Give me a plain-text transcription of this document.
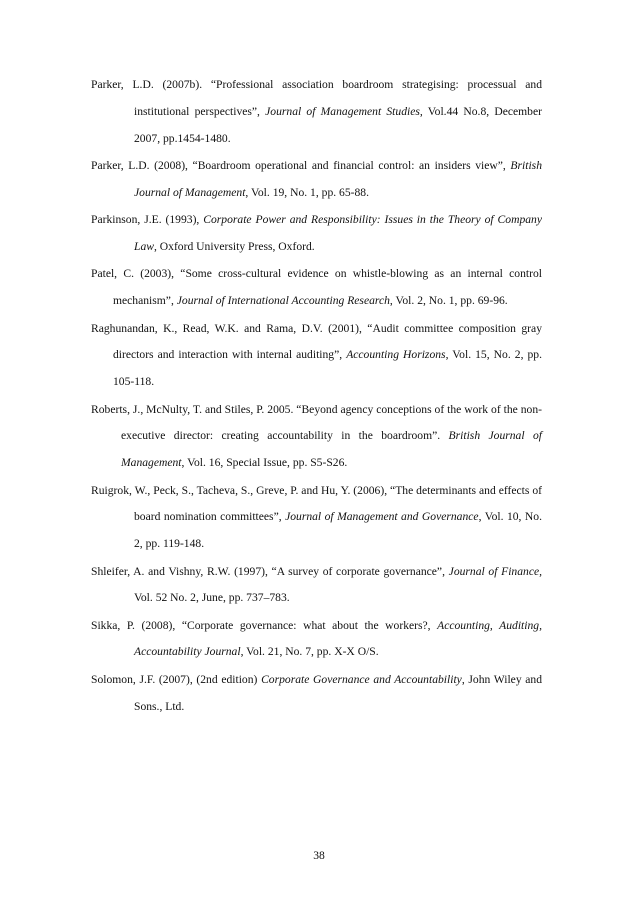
Parker, L.D. (2007b). “Professional association boardroom strategising: processual and institutional perspectives”, Journal of Management Studies, Vol.44 No.8, December 2007, pp.1454-1480.

Parker, L.D. (2008), “Boardroom operational and financial control: an insiders view”, British Journal of Management, Vol. 19, No. 1, pp. 65-88.

Parkinson, J.E. (1993), Corporate Power and Responsibility: Issues in the Theory of Company Law, Oxford University Press, Oxford.

Patel, C. (2003), “Some cross-cultural evidence on whistle-blowing as an internal control mechanism”, Journal of International Accounting Research, Vol. 2, No. 1, pp. 69-96.

Raghunandan, K., Read, W.K. and Rama, D.V. (2001), “Audit committee composition gray directors and interaction with internal auditing”, Accounting Horizons, Vol. 15, No. 2, pp. 105-118.

Roberts, J., McNulty, T. and Stiles, P. 2005. “Beyond agency conceptions of the work of the non-executive director: creating accountability in the boardroom”. British Journal of Management, Vol. 16, Special Issue, pp. S5-S26.

Ruigrok, W., Peck, S., Tacheva, S., Greve, P. and Hu, Y. (2006), “The determinants and effects of board nomination committees”, Journal of Management and Governance, Vol. 10, No. 2, pp. 119-148.

Shleifer, A. and Vishny, R.W. (1997), “A survey of corporate governance”, Journal of Finance, Vol. 52 No. 2, June, pp. 737–783.

Sikka, P. (2008), “Corporate governance: what about the workers?, Accounting, Auditing, Accountability Journal, Vol. 21, No. 7, pp. X-X O/S.

Solomon, J.F. (2007), (2nd edition) Corporate Governance and Accountability, John Wiley and Sons., Ltd.

38
